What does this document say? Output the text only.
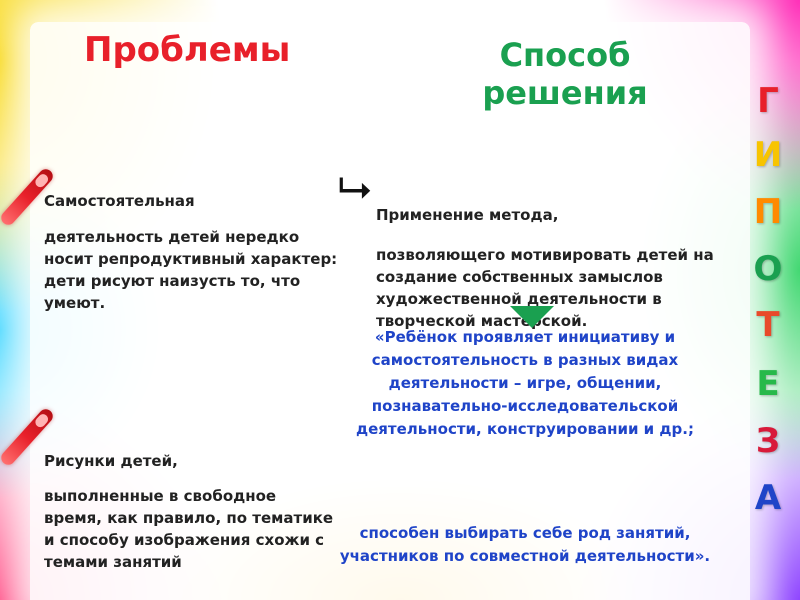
Проблемы	Способ решения	Г
И
П
О
Т
Е
З
А

Самостоятельная

деятельность детей нередко носит репродуктивный характер: дети рисуют наизусть то, что умеют.

Рисунки детей,

выполненные в свободное время, как правило, по тематике и способу изображения схожи с темами занятий

⮡

Применение метода,

позволяющего мотивировать детей на создание собственных замыслов художественной деятельности в творческой мастерской.

«Ребёнок проявляет инициативу и самостоятельность в разных видах деятельности – игре, общении, познавательно-исследовательской деятельности, конструировании и др.;

способен выбирать себе род занятий, участников по совместной деятельности».
